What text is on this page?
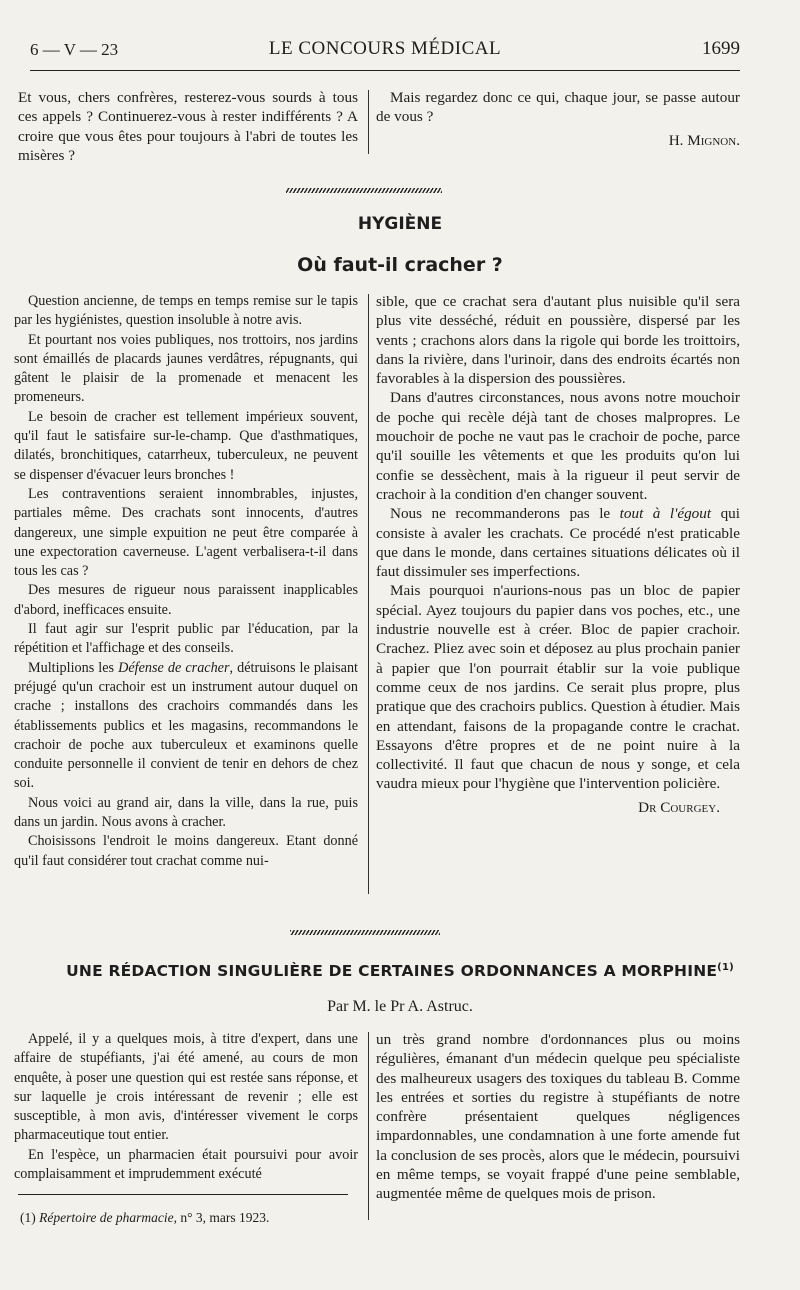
6 — V — 23	LE CONCOURS MÉDICAL	1699

Et vous, chers confrères, resterez-vous sourds à tous ces appels ? Continuerez-vous à rester indifférents ? A croire que vous êtes pour toujours à l'abri de toutes les misères ?

Mais regardez donc ce qui, chaque jour, se passe autour de vous ?

H. Mignon.

HYGIÈNE
Où faut-il cracher ?

Question ancienne, de temps en temps remise sur le tapis par les hygiénistes, question insoluble à notre avis.

Et pourtant nos voies publiques, nos trottoirs, nos jardins sont émaillés de placards jaunes verdâtres, répugnants, qui gâtent le plaisir de la promenade et menacent les promeneurs.

Le besoin de cracher est tellement impérieux souvent, qu'il faut le satisfaire sur-le-champ. Que d'asthmatiques, dilatés, bronchitiques, catarrheux, tuberculeux, ne peuvent se dispenser d'évacuer leurs bronches !

Les contraventions seraient innombrables, injustes, partiales même. Des crachats sont innocents, d'autres dangereux, une simple expuition ne peut être comparée à une expectoration caverneuse. L'agent verbalisera-t-il dans tous les cas ?

Des mesures de rigueur nous paraissent inapplicables d'abord, inefficaces ensuite.

Il faut agir sur l'esprit public par l'éducation, par la répétition et l'affichage et des conseils.

Multiplions les Défense de cracher, détruisons le plaisant préjugé qu'un crachoir est un instrument autour duquel on crache ; installons des crachoirs commandés dans les établissements publics et les magasins, recommandons le crachoir de poche aux tuberculeux et examinons quelle conduite personnelle il convient de tenir en dehors de chez soi.

Nous voici au grand air, dans la ville, dans la rue, puis dans un jardin. Nous avons à cracher.

Choisissons l'endroit le moins dangereux. Etant donné qu'il faut considérer tout crachat comme nui-

sible, que ce crachat sera d'autant plus nuisible qu'il sera plus vite desséché, réduit en poussière, dispersé par les vents ; crachons alors dans la rigole qui borde les troittoirs, dans la rivière, dans l'urinoir, dans des endroits écartés non favorables à la dispersion des poussières.

Dans d'autres circonstances, nous avons notre mouchoir de poche qui recèle déjà tant de choses malpropres. Le mouchoir de poche ne vaut pas le crachoir de poche, parce qu'il souille les vêtements et que les produits qu'on lui confie se dessèchent, mais à la rigueur il peut servir de crachoir à la condition d'en changer souvent.

Nous ne recommanderons pas le tout à l'égout qui consiste à avaler les crachats. Ce procédé n'est praticable que dans le monde, dans certaines situations délicates où il faut dissimuler ses imperfections.

Mais pourquoi n'aurions-nous pas un bloc de papier spécial. Ayez toujours du papier dans vos poches, etc., une industrie nouvelle est à créer. Bloc de papier crachoir. Crachez. Pliez avec soin et déposez au plus prochain panier à papier que l'on pourrait établir sur la voie publique comme ceux de nos jardins. Ce serait plus propre, plus pratique que des crachoirs publics. Question à étudier. Mais en attendant, faisons de la propagande contre le crachat. Essayons d'être propres et de ne point nuire à la collectivité. Il faut que chacun de nous y songe, et cela vaudra mieux pour l'hygiène que l'intervention policière.

Dr Courgey.

UNE RÉDACTION SINGULIÈRE DE CERTAINES ORDONNANCES A MORPHINE$^{(1)}$
Par M. le Pr A. Astruc.

Appelé, il y a quelques mois, à titre d'expert, dans une affaire de stupéfiants, j'ai été amené, au cours de mon enquête, à poser une question qui est restée sans réponse, et sur laquelle je crois intéressant de revenir ; elle est susceptible, à mon avis, d'intéresser vivement le corps pharmaceutique tout entier.

En l'espèce, un pharmacien était poursuivi pour avoir complaisamment et imprudemment exécuté

un très grand nombre d'ordonnances plus ou moins régulières, émanant d'un médecin quelque peu spécialiste des malheureux usagers des toxiques du tableau B. Comme les entrées et sorties du registre à stupéfiants de notre confrère présentaient quelques négligences impardonnables, une condamnation à une forte amende fut la conclusion de ses procès, alors que le médecin, poursuivi en même temps, se voyait frappé d'une peine semblable, augmentée même de quelques mois de prison.

(1) Répertoire de pharmacie, n° 3, mars 1923.
